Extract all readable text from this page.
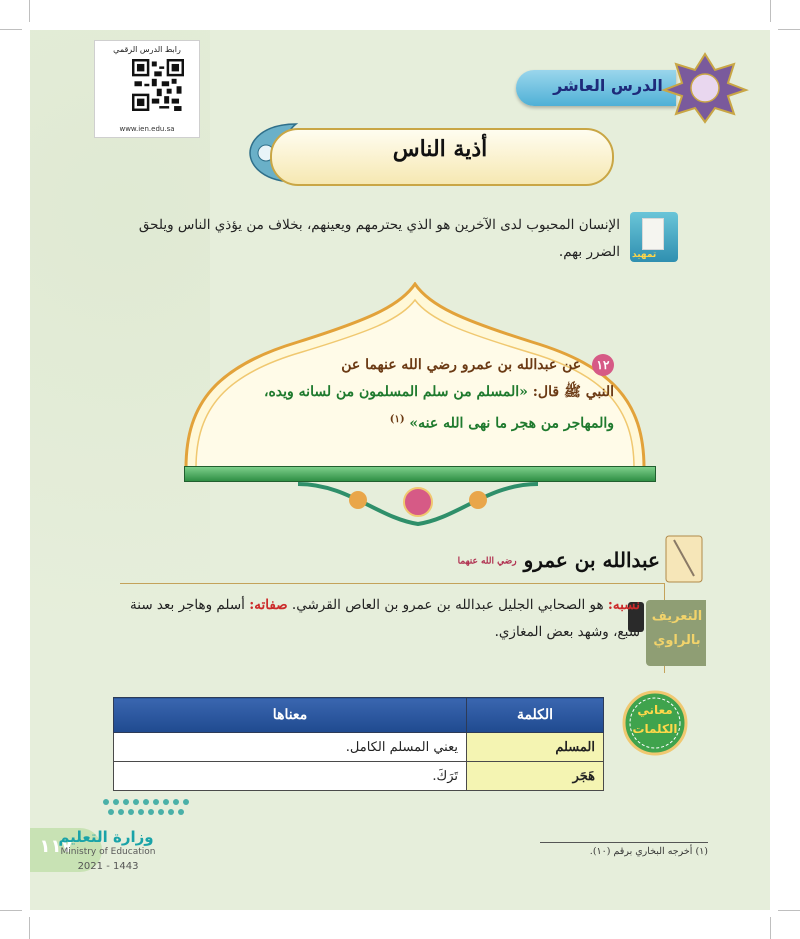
رابط الدرس الرقمي
www.ien.edu.sa
الدرس العاشر
أذية الناس
تمهيد
الإنسان المحبوب لدى الآخرين هو الذي يحترمهم ويعينهم، بخلاف من يؤذي الناس ويلحق الضرر بهم.
١٢ عن عبدالله بن عمرو رضي الله عنهما عن
النبي ﷺ قال: «المسلم من سلم المسلمون من لسانه ويده،
والمهاجر من هجر ما نهى الله عنه» $^{(١)}$
عبدالله بن عمرو رضي الله عنهما
التعريف
بالراوي
نسبه: هو الصحابي الجليل عبدالله بن عمرو بن العاص القرشي. صفاته: أسلم وهاجر بعد سنة سبع، وشهد بعض المغازي.
معاني
الكلمات
الكلمة	معناها
المسلم	يعني المسلم الكامل.
هَجَر	تَرَكَ.
(١) أخرجه البخاري برقم (١٠).
١١٧
وزارة التعليم
Ministry of Education
2021 - 1443
